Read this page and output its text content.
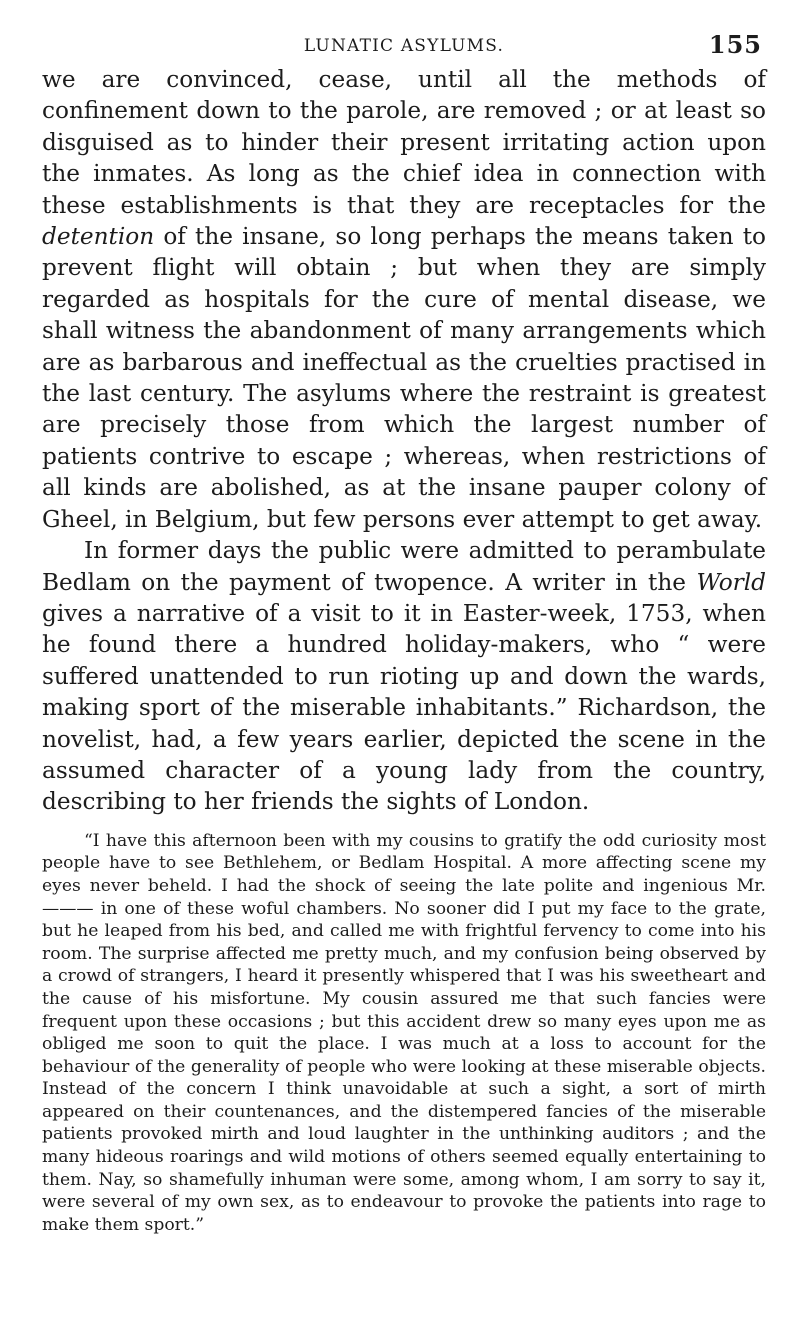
LUNATIC ASYLUMS.	155

we are convinced, cease, until all the methods of confinement down to the parole, are removed ; or at least so disguised as to hinder their present irritating action upon the inmates. As long as the chief idea in connection with these establishments is that they are receptacles for the detention of the insane, so long perhaps the means taken to prevent flight will obtain ; but when they are simply regarded as hospitals for the cure of mental disease, we shall witness the abandonment of many arrangements which are as barbarous and ineffectual as the cruelties practised in the last century. The asylums where the restraint is greatest are precisely those from which the largest number of patients contrive to escape ; whereas, when restrictions of all kinds are abolished, as at the insane pauper colony of Gheel, in Belgium, but few persons ever attempt to get away.

In former days the public were admitted to perambulate Bedlam on the payment of twopence. A writer in the World gives a narrative of a visit to it in Easter-week, 1753, when he found there a hundred holiday-makers, who “ were suffered unattended to run rioting up and down the wards, making sport of the miserable inhabitants.” Richardson, the novelist, had, a few years earlier, depicted the scene in the assumed character of a young lady from the country, describing to her friends the sights of London.

“I have this afternoon been with my cousins to gratify the odd curiosity most people have to see Bethlehem, or Bedlam Hospital. A more affecting scene my eyes never beheld. I had the shock of seeing the late polite and ingenious Mr. ——— in one of these woful chambers. No sooner did I put my face to the grate, but he leaped from his bed, and called me with frightful fervency to come into his room. The surprise affected me pretty much, and my confusion being observed by a crowd of strangers, I heard it presently whispered that I was his sweetheart and the cause of his misfortune. My cousin assured me that such fancies were frequent upon these occasions ; but this accident drew so many eyes upon me as obliged me soon to quit the place. I was much at a loss to account for the behaviour of the generality of people who were looking at these miserable objects. Instead of the concern I think unavoidable at such a sight, a sort of mirth appeared on their countenances, and the distempered fancies of the miserable patients provoked mirth and loud laughter in the unthinking auditors ; and the many hideous roarings and wild motions of others seemed equally entertaining to them. Nay, so shamefully inhuman were some, among whom, I am sorry to say it, were several of my own sex, as to endeavour to provoke the patients into rage to make them sport.”
